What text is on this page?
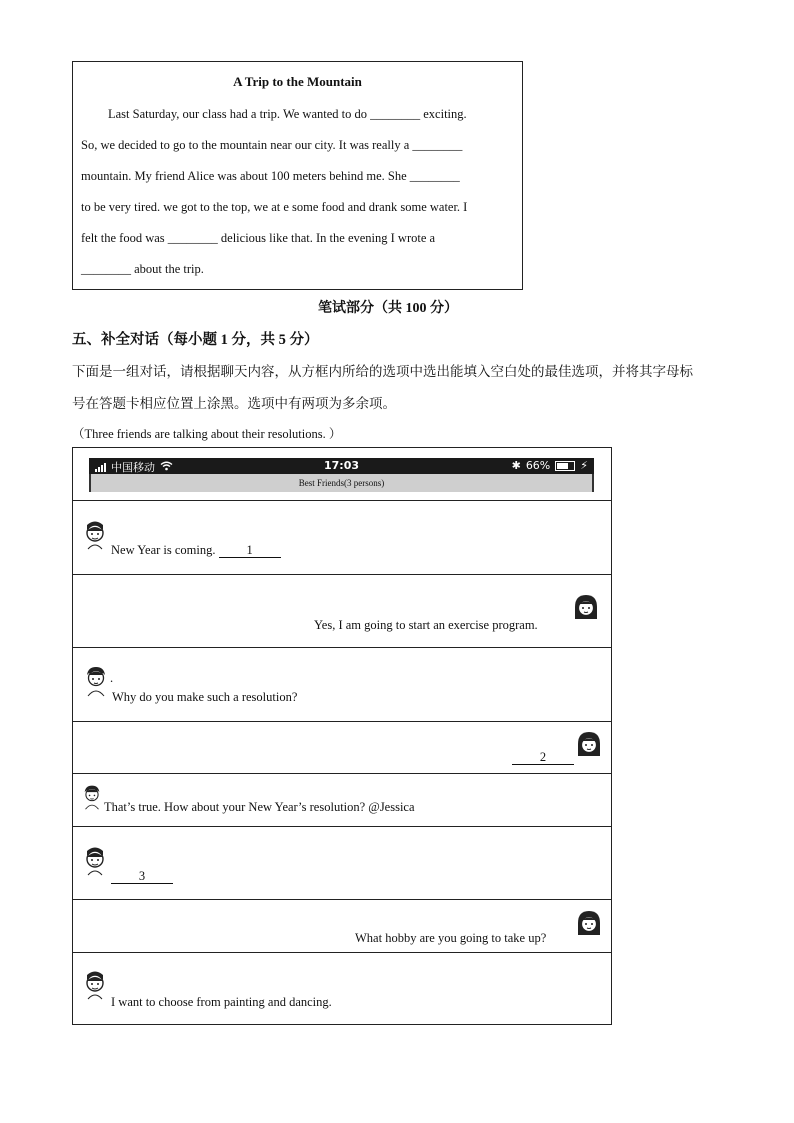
A Trip to the Mountain
Last Saturday, our class had a trip. We wanted to do ________ exciting.
So, we decided to go to the mountain near our city. It was really a ________
mountain. My friend Alice was about 100 meters behind me. She ________
to be very tired. we got to the top, we at e some food and drank some water. I
felt the food was ________ delicious like that. In the evening I wrote a
________ about the trip.
笔试部分（共 100 分）
五、补全对话（每小题 1 分，共 5 分）
下面是一组对话，请根据聊天内容，从方框内所给的选项中选出能填入空白处的最佳选项，并将其字母标
号在答题卡相应位置上涂黑。选项中有两项为多余项。
（Three friends are talking about their resolutions. ）
中国移动	17:03	✱ 66%	⚡
Best Friends(3 persons)
New Year is coming. 1
Yes, I am going to start an exercise program.
.
Why do you make such a resolution?
2
That’s true. How about your New Year’s resolution? @Jessica
3
What hobby are you going to take up?
I want to choose from painting and dancing.
